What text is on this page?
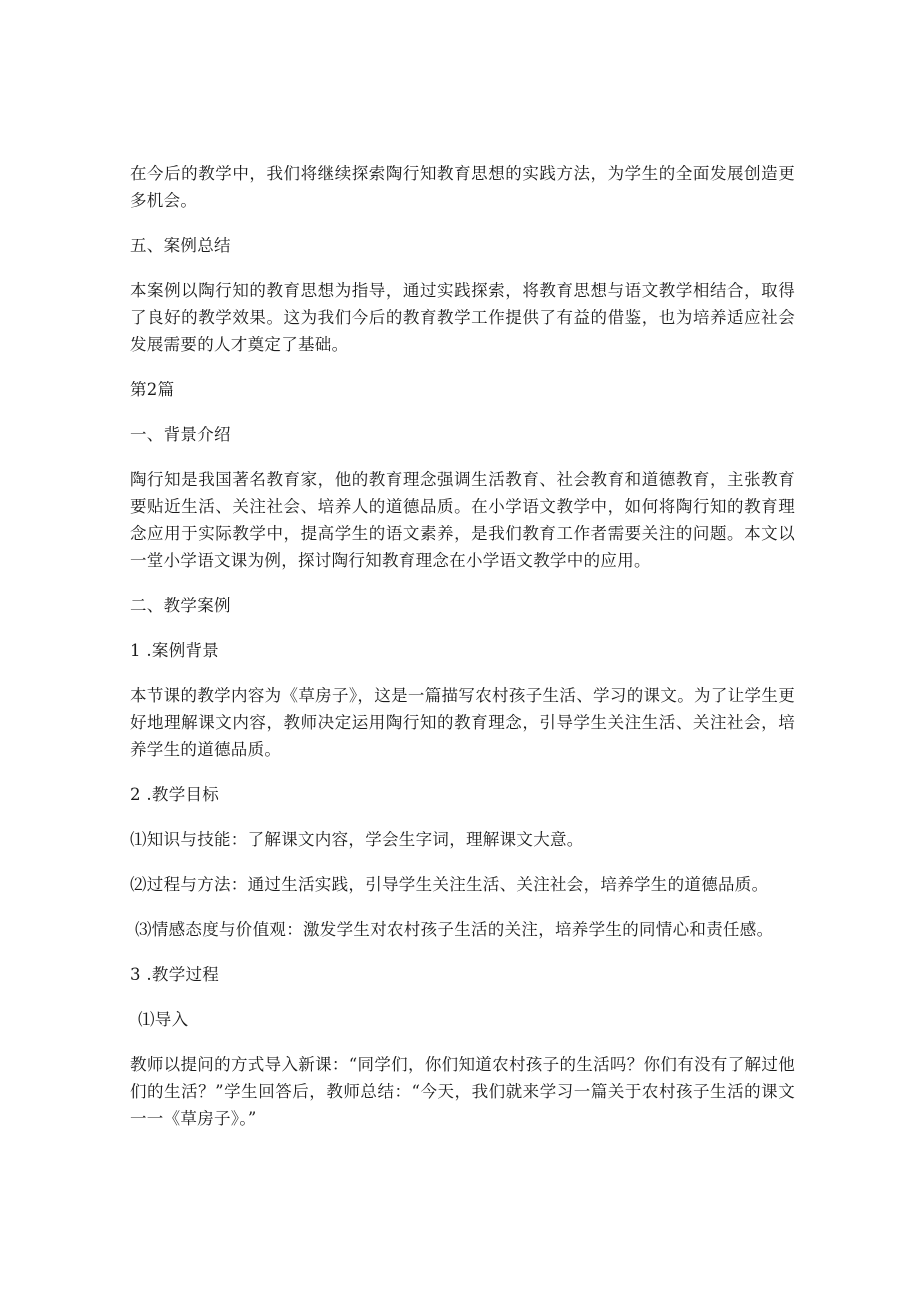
在今后的教学中，我们将继续探索陶行知教育思想的实践方法，为学生的全面发展创造更多机会。

五、案例总结

本案例以陶行知的教育思想为指导，通过实践探索，将教育思想与语文教学相结合，取得了良好的教学效果。这为我们今后的教育教学工作提供了有益的借鉴，也为培养适应社会发展需要的人才奠定了基础。

第2篇

一、背景介绍

陶行知是我国著名教育家，他的教育理念强调生活教育、社会教育和道德教育，主张教育要贴近生活、关注社会、培养人的道德品质。在小学语文教学中，如何将陶行知的教育理念应用于实际教学中，提高学生的语文素养，是我们教育工作者需要关注的问题。本文以一堂小学语文课为例，探讨陶行知教育理念在小学语文教学中的应用。

二、教学案例

1 .案例背景

本节课的教学内容为《草房子》，这是一篇描写农村孩子生活、学习的课文。为了让学生更好地理解课文内容，教师决定运用陶行知的教育理念，引导学生关注生活、关注社会，培养学生的道德品质。

2 .教学目标

⑴知识与技能：了解课文内容，学会生字词，理解课文大意。

⑵过程与方法：通过生活实践，引导学生关注生活、关注社会，培养学生的道德品质。

⑶情感态度与价值观：激发学生对农村孩子生活的关注，培养学生的同情心和责任感。

3 .教学过程

⑴导入

教师以提问的方式导入新课：“同学们，你们知道农村孩子的生活吗？你们有没有了解过他们的生活？”学生回答后，教师总结：“今天，我们就来学习一篇关于农村孩子生活的课文一一《草房子》。”
